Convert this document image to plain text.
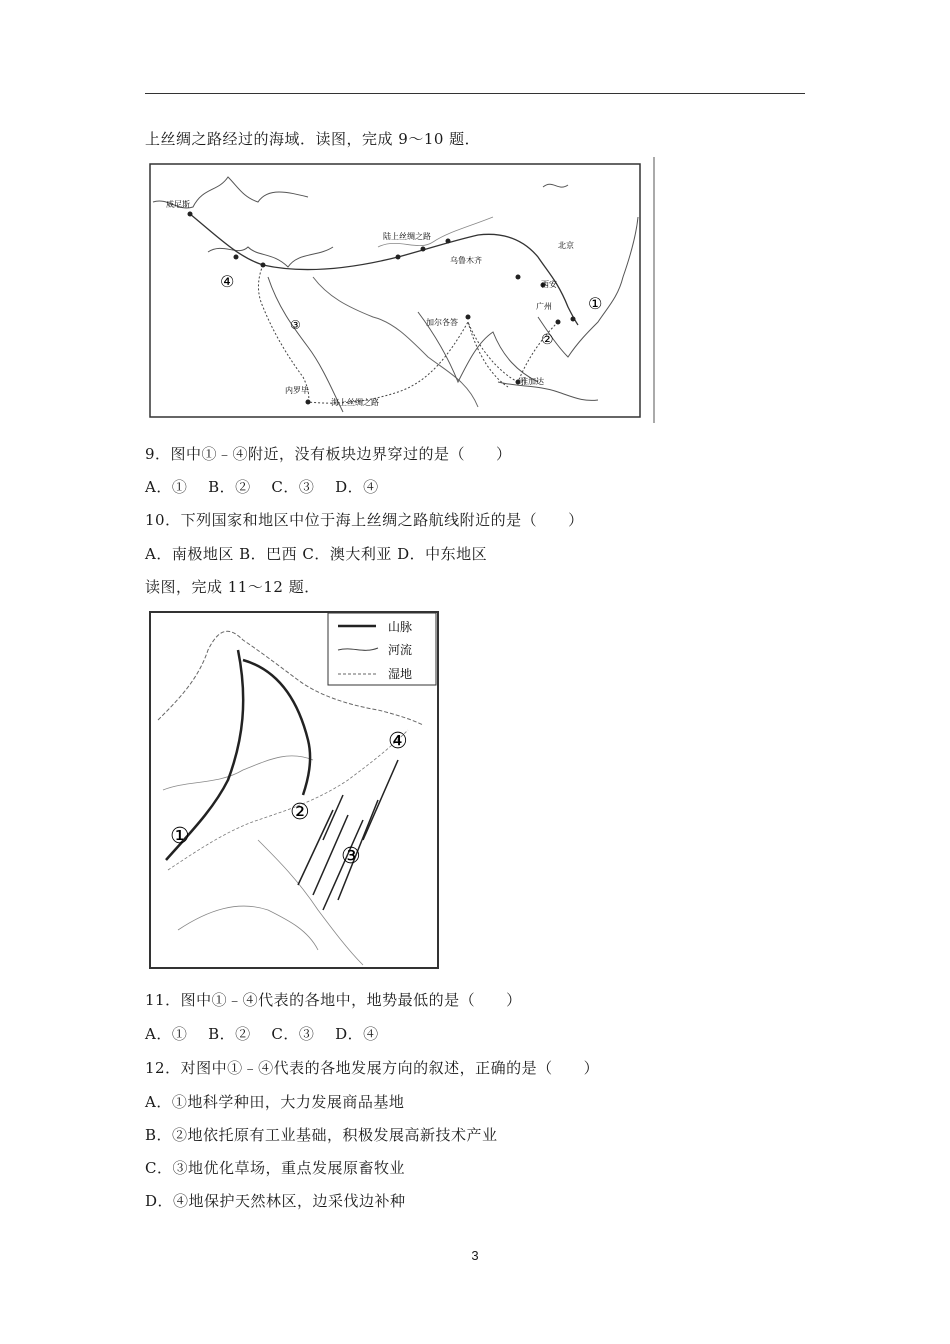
上丝绸之路经过的海域．读图，完成 9～10 题．
威尼斯
陆上丝绸之路
乌鲁木齐
北京
西安
广州
加尔各答
内罗毕
海上丝绸之路
雅加达
①
②
③
④
9．图中①﹣④附近，没有板块边界穿过的是（　　）
A．①　 B．②　 C．③　 D．④
10．下列国家和地区中位于海上丝绸之路航线附近的是（　　）
A．南极地区 B．巴西 C．澳大利亚 D．中东地区
读图，完成 11～12 题．
山脉
河流
湿地
①
②
③
④
11．图中①﹣④代表的各地中，地势最低的是（　　）
A．①　 B．②　 C．③　 D．④
12．对图中①﹣④代表的各地发展方向的叙述，正确的是（　　）
A．①地科学种田，大力发展商品基地
B．②地依托原有工业基础，积极发展高新技术产业
C．③地优化草场，重点发展原畜牧业
D．④地保护天然林区，边采伐边补种
3
